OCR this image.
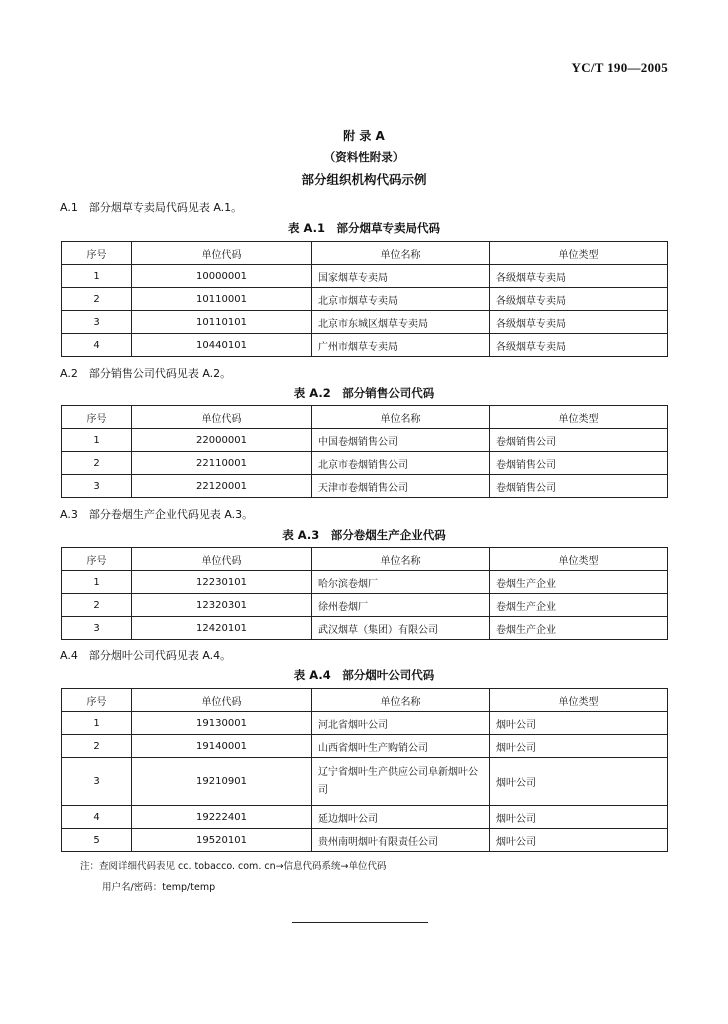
YC/T 190—2005
附 录 A
（资料性附录）
部分组织机构代码示例
A.1　部分烟草专卖局代码见表 A.1。
表 A.1　部分烟草专卖局代码
序号	单位代码	单位名称	单位类型
1	10000001	国家烟草专卖局	各级烟草专卖局
2	10110001	北京市烟草专卖局	各级烟草专卖局
3	10110101	北京市东城区烟草专卖局	各级烟草专卖局
4	10440101	广州市烟草专卖局	各级烟草专卖局
A.2　部分销售公司代码见表 A.2。
表 A.2　部分销售公司代码
序号	单位代码	单位名称	单位类型
1	22000001	中国卷烟销售公司	卷烟销售公司
2	22110001	北京市卷烟销售公司	卷烟销售公司
3	22120001	天津市卷烟销售公司	卷烟销售公司
A.3　部分卷烟生产企业代码见表 A.3。
表 A.3　部分卷烟生产企业代码
序号	单位代码	单位名称	单位类型
1	12230101	哈尔滨卷烟厂	卷烟生产企业
2	12320301	徐州卷烟厂	卷烟生产企业
3	12420101	武汉烟草（集团）有限公司	卷烟生产企业
A.4　部分烟叶公司代码见表 A.4。
表 A.4　部分烟叶公司代码
序号	单位代码	单位名称	单位类型
1	19130001	河北省烟叶公司	烟叶公司
2	19140001	山西省烟叶生产购销公司	烟叶公司
3	19210901	辽宁省烟叶生产供应公司阜新烟叶公司	烟叶公司
4	19222401	延边烟叶公司	烟叶公司
5	19520101	贵州南明烟叶有限责任公司	烟叶公司
注：查阅详细代码表见 cc. tobacco. com. cn→信息代码系统→单位代码
用户名/密码：temp/temp
